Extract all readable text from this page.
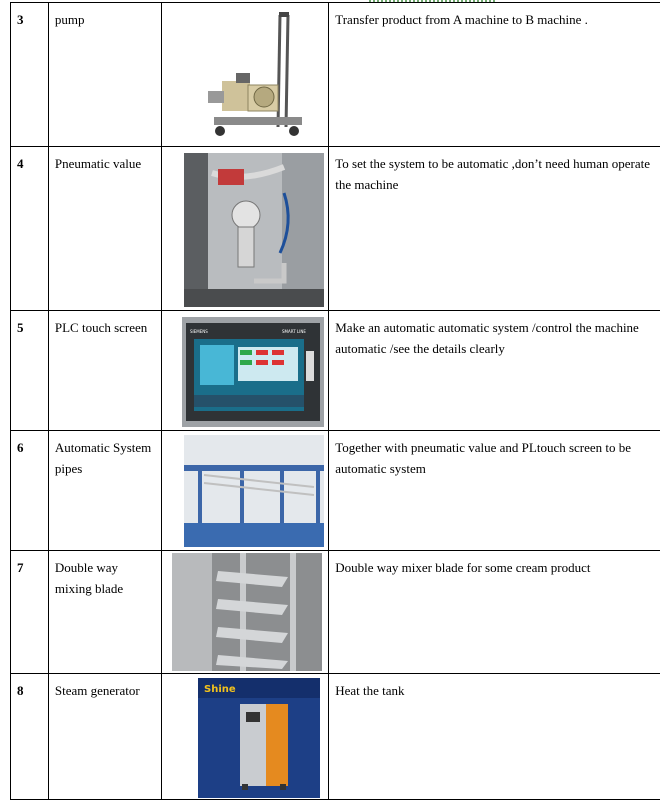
3	pump		Transfer product from A machine to B machine .
4	Pneumatic value		To set the system to be automatic ,don’t need human operate the machine
5	PLC touch screen	SIEMENS SMART LINE	Make an automatic automatic system /control the machine automatic /see the details clearly
6	Automatic System pipes		Together with pneumatic value and PLtouch screen to be automatic system
7	Double way mixing blade		Double way mixer blade for some cream product
8	Steam generator	Shine	Heat the tank
